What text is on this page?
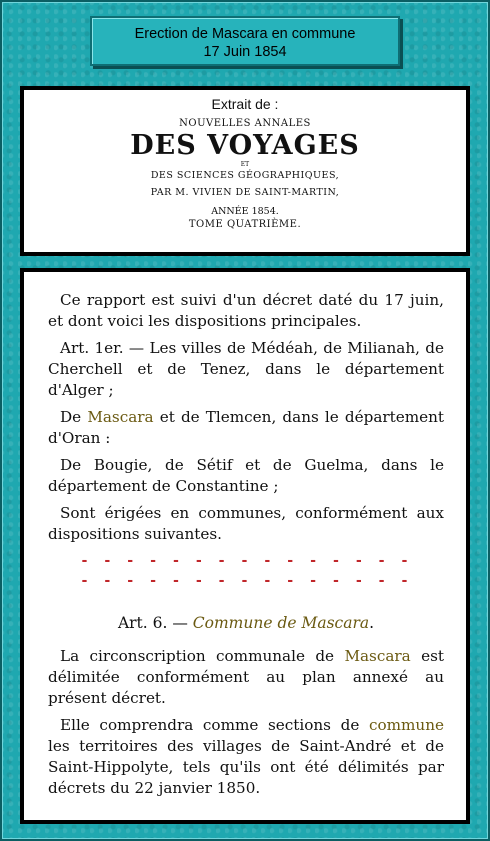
Erection de Mascara en commune
17 Juin 1854
Extrait de :
NOUVELLES ANNALES
DES VOYAGES
ET
DES SCIENCES GÉOGRAPHIQUES,
PAR M. VIVIEN DE SAINT-MARTIN,
ANNÉE 1854.
TOME QUATRIÈME.

Ce rapport est suivi d'un décret daté du 17 juin, et dont voici les dispositions principales.

Art. 1er. — Les villes de Médéah, de Milianah, de Cherchell et de Tenez, dans le département d'Alger ;

De Mascara et de Tlemcen, dans le département d'Oran :

De Bougie, de Sétif et de Guelma, dans le département de Constantine ;

Sont érigées en communes, conformément aux dispositions suivantes.

- - - - - - - - - - - - - - -
- - - - - - - - - - - - - - -
Art. 6. — Commune de Mascara.

La circonscription communale de Mascara est délimitée conformément au plan annexé au présent décret.

Elle comprendra comme sections de commune les territoires des villages de Saint-André et de Saint-Hippolyte, tels qu'ils ont été délimités par décrets du 22 janvier 1850.
